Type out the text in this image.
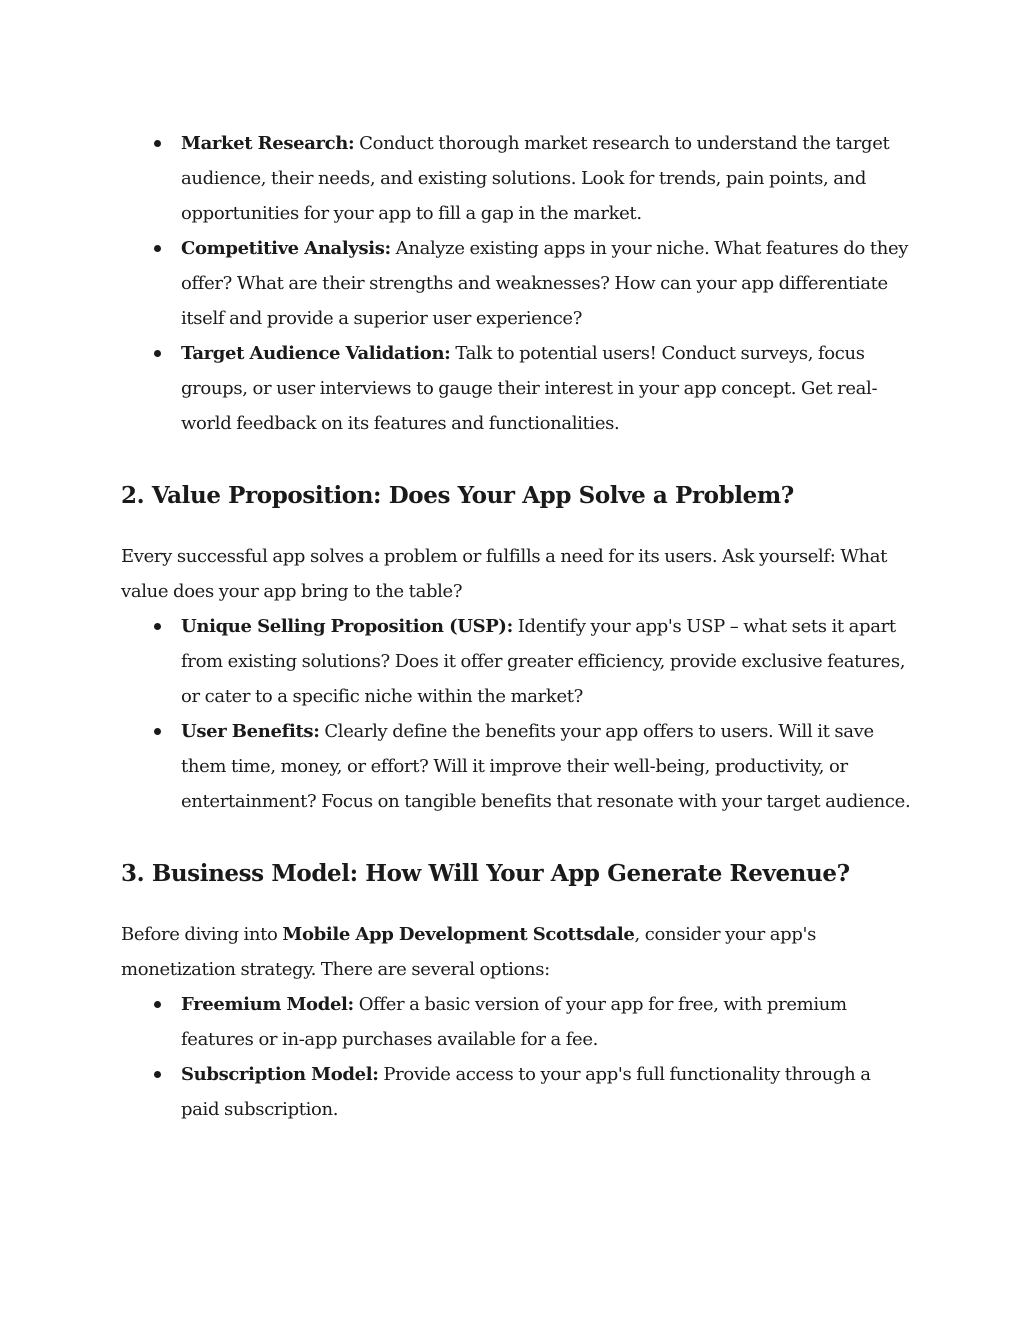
Market Research: Conduct thorough market research to understand the target audience, their needs, and existing solutions. Look for trends, pain points, and opportunities for your app to fill a gap in the market.
Competitive Analysis: Analyze existing apps in your niche. What features do they offer? What are their strengths and weaknesses? How can your app differentiate itself and provide a superior user experience?
Target Audience Validation: Talk to potential users! Conduct surveys, focus groups, or user interviews to gauge their interest in your app concept. Get real-world feedback on its features and functionalities.
2. Value Proposition: Does Your App Solve a Problem?

Every successful app solves a problem or fulfills a need for its users. Ask yourself: What value does your app bring to the table?

Unique Selling Proposition (USP): Identify your app's USP – what sets it apart from existing solutions? Does it offer greater efficiency, provide exclusive features, or cater to a specific niche within the market?
User Benefits: Clearly define the benefits your app offers to users. Will it save them time, money, or effort? Will it improve their well-being, productivity, or entertainment? Focus on tangible benefits that resonate with your target audience.
3. Business Model: How Will Your App Generate Revenue?

Before diving into Mobile App Development Scottsdale, consider your app's monetization strategy. There are several options:

Freemium Model: Offer a basic version of your app for free, with premium features or in-app purchases available for a fee.
Subscription Model: Provide access to your app's full functionality through a paid subscription.
